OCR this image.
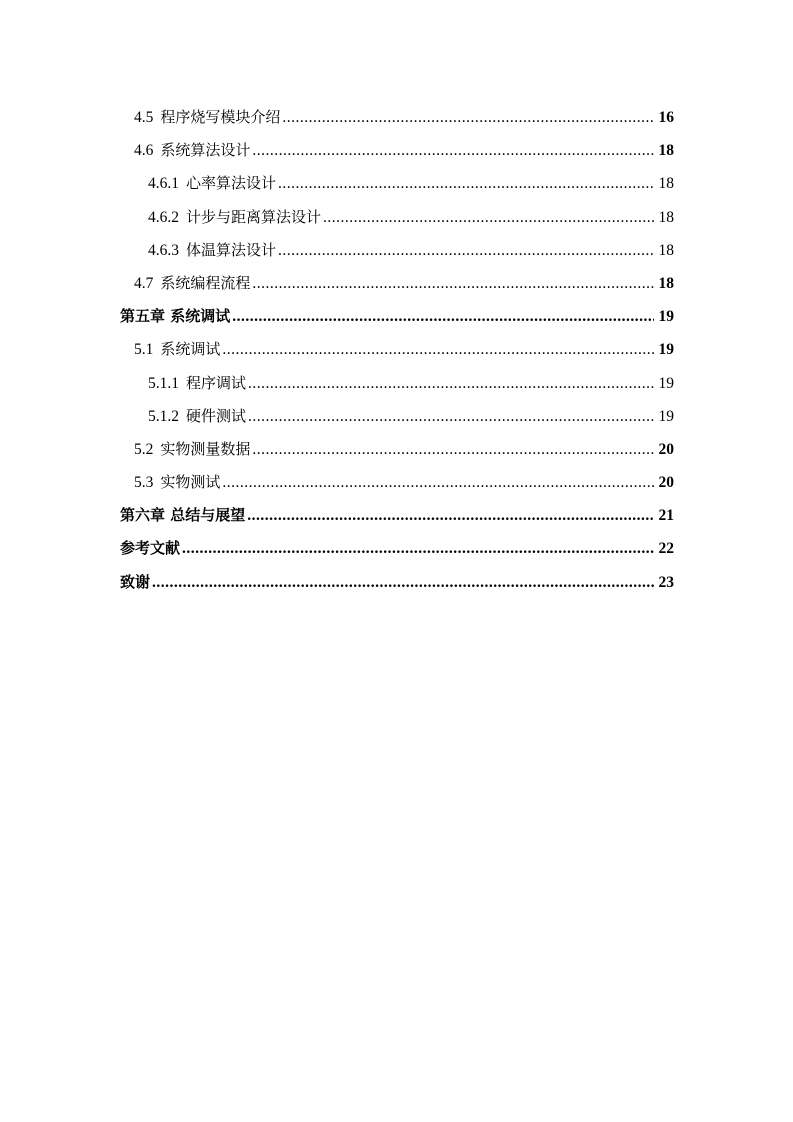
4.5 程序烧写模块介绍 .....	16
4.6 系统算法设计 .....	18
4.6.1 心率算法设计 .....	18
4.6.2 计步与距离算法设计 .....	18
4.6.3 体温算法设计 .....	18
4.7 系统编程流程 .....	18
第五章 系统调试 .....	19
5.1 系统调试 .....	19
5.1.1 程序调试 .....	19
5.1.2 硬件测试 .....	19
5.2 实物测量数据 .....	20
5.3 实物测试 .....	20
第六章 总结与展望 .....	21
参考文献 .....	22
致谢 .....	23
